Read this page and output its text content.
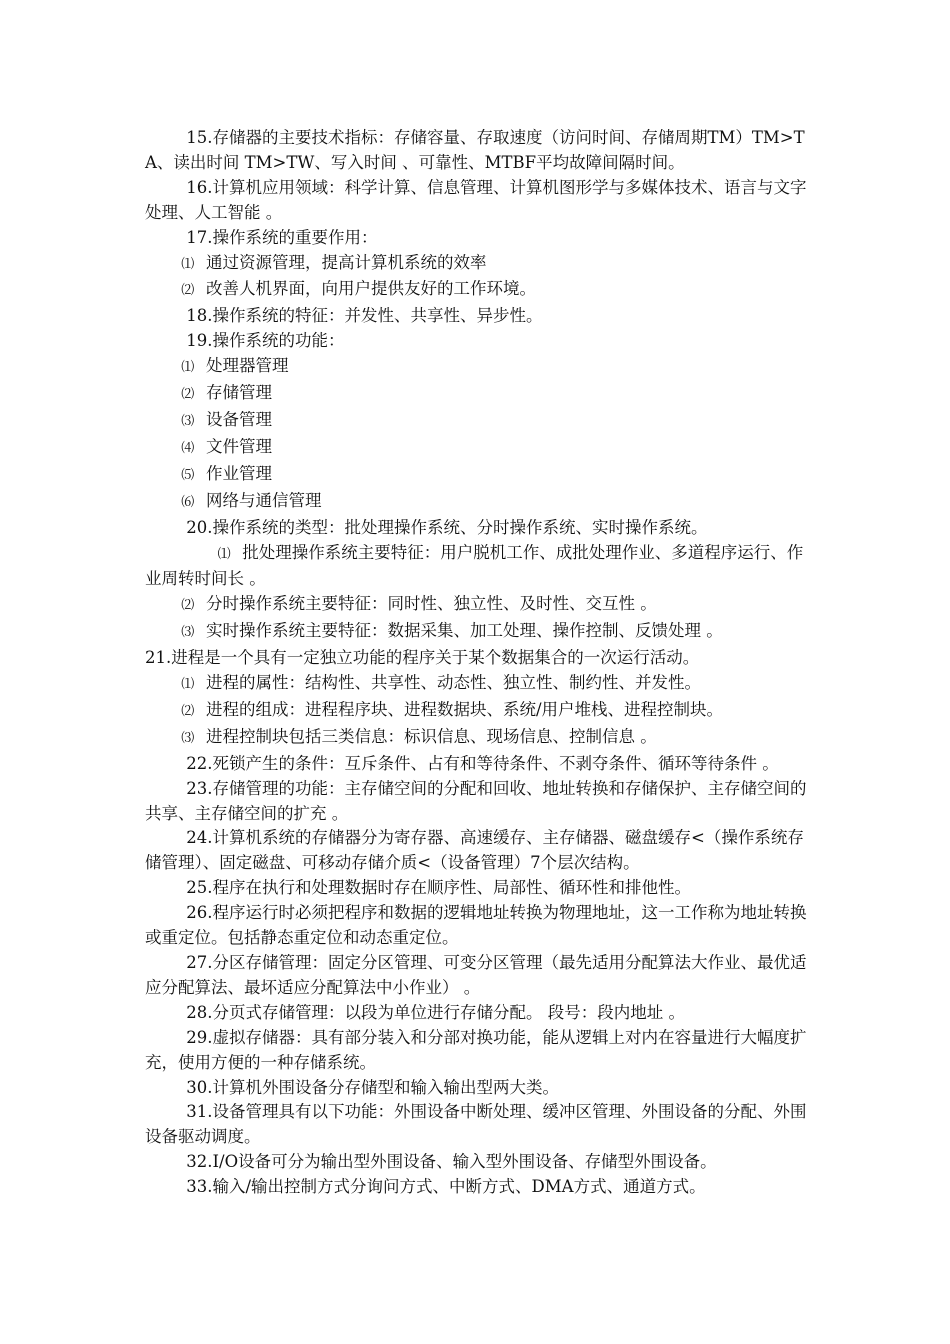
15.存储器的主要技术指标：存储容量、存取速度（访问时间、存储周期TM）TM>TA、读出时间 TM>TW、写入时间 、可靠性、MTBF平均故障间隔时间。

16.计算机应用领域：科学计算、信息管理、计算机图形学与多媒体技术、语言与文字处理、人工智能 。

17.操作系统的重要作用：

⑴ 通过资源管理，提高计算机系统的效率

⑵ 改善人机界面，向用户提供友好的工作环境。

18.操作系统的特征：并发性、共享性、异步性。

19.操作系统的功能：

⑴ 处理器管理

⑵ 存储管理

⑶ 设备管理

⑷ 文件管理

⑸ 作业管理

⑹ 网络与通信管理

20.操作系统的类型：批处理操作系统、分时操作系统、实时操作系统。

⑴ 批处理操作系统主要特征：用户脱机工作、成批处理作业、多道程序运行、作业周转时间长 。

⑵ 分时操作系统主要特征：同时性、独立性、及时性、交互性 。

⑶ 实时操作系统主要特征：数据采集、加工处理、操作控制、反馈处理 。

21.进程是一个具有一定独立功能的程序关于某个数据集合的一次运行活动。

⑴ 进程的属性：结构性、共享性、动态性、独立性、制约性、并发性。

⑵ 进程的组成：进程程序块、进程数据块、系统/用户堆栈、进程控制块。

⑶ 进程控制块包括三类信息：标识信息、现场信息、控制信息 。

22.死锁产生的条件：互斥条件、占有和等待条件、不剥夺条件、循环等待条件 。

23.存储管理的功能：主存储空间的分配和回收、地址转换和存储保护、主存储空间的共享、主存储空间的扩充 。

24.计算机系统的存储器分为寄存器、高速缓存、主存储器、磁盘缓存<（操作系统存储管理）、固定磁盘、可移动存储介质<（设备管理）7个层次结构。

25.程序在执行和处理数据时存在顺序性、局部性、循环性和排他性。

26.程序运行时必须把程序和数据的逻辑地址转换为物理地址，这一工作称为地址转换或重定位。包括静态重定位和动态重定位。

27.分区存储管理：固定分区管理、可变分区管理（最先适用分配算法大作业、最优适应分配算法、最坏适应分配算法中小作业） 。

28.分页式存储管理：以段为单位进行存储分配。 段号：段内地址 。

29.虚拟存储器：具有部分装入和分部对换功能，能从逻辑上对内在容量进行大幅度扩充，使用方便的一种存储系统。

30.计算机外围设备分存储型和输入输出型两大类。

31.设备管理具有以下功能：外围设备中断处理、缓冲区管理、外围设备的分配、外围设备驱动调度。

32.I/O设备可分为输出型外围设备、输入型外围设备、存储型外围设备。

33.输入/输出控制方式分询问方式、中断方式、DMA方式、通道方式。
